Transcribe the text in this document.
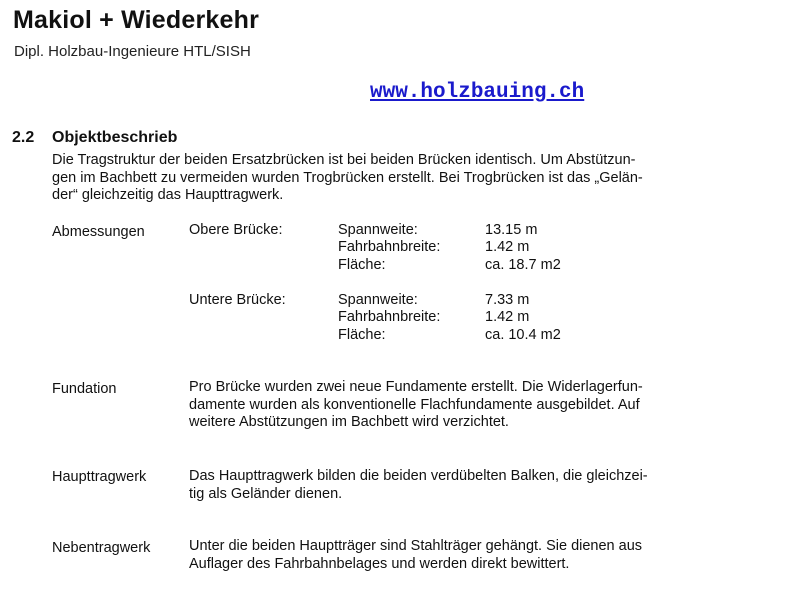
Makiol + Wiederkehr
Dipl. Holzbau-Ingenieure HTL/SISH
www.holzbauing.ch
2.2 Objektbeschrieb
Die Tragstruktur der beiden Ersatzbrücken ist bei beiden Brücken identisch. Um Abstützun-
gen im Bachbett zu vermeiden wurden Trogbrücken erstellt. Bei Trogbrücken ist das „Gelän-
der“ gleichzeitig das Haupttragwerk.
Abmessungen	Obere Brücke:	Spannweite:	13.15 m
Fahrbahnbreite:	1.42 m
Fläche:	ca. 18.7 m2
Untere Brücke:	Spannweite:	7.33 m
Fahrbahnbreite:	1.42 m
Fläche:	ca. 10.4 m2
Fundation	Pro Brücke wurden zwei neue Fundamente erstellt. Die Widerlagerfun-
damente wurden als konventionelle Flachfundamente ausgebildet. Auf
weitere Abstützungen im Bachbett wird verzichtet.
Haupttragwerk	Das Haupttragwerk bilden die beiden verdübelten Balken, die gleichzei-
tig als Geländer dienen.
Nebentragwerk	Unter die beiden Hauptträger sind Stahlträger gehängt. Sie dienen aus
Auflager des Fahrbahnbelages und werden direkt bewittert.
